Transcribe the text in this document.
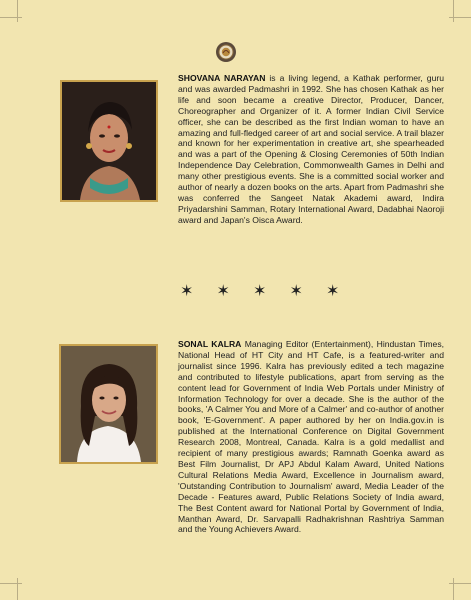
SHOVANA NARAYAN is a living legend, a Kathak performer, guru and was awarded Padmashri in 1992. She has chosen Kathak as her life and soon became a creative Director, Producer, Dancer, Choreographer and Organizer of it. A former Indian Civil Service officer, she can be described as the first Indian woman to have an amazing and full-fledged career of art and social service. A trail blazer and known for her experimentation in creative art, she spearheaded and was a part of the Opening & Closing Ceremonies of 50th Indian Independence Day Celebration, Commonwealth Games in Delhi and many other prestigious events. She is a committed social worker and author of nearly a dozen books on the arts. Apart from Padmashri she was conferred the Sangeet Natak Akademi award, Indira Priyadarshini Samman, Rotary International Award, Dadabhai Naoroji award and Japan's Oisca Award.

✶ ✶ ✶ ✶ ✶

SONAL KALRA Managing Editor (Entertainment), Hindustan Times, National Head of HT City and HT Cafe, is a featured-writer and journalist since 1996. Kalra has previously edited a tech magazine and contributed to lifestyle publications, apart from serving as the content lead for Government of India Web Portals under Ministry of Information Technology for over a decade. She is the author of the books, 'A Calmer You and More of a Calmer' and co-author of another book, 'E-Government'. A paper authored by her on India.gov.in is published at the International Conference on Digital Government Research 2008, Montreal, Canada. Kalra is a gold medallist and recipient of many prestigious awards; Ramnath Goenka award as Best Film Journalist, Dr APJ Abdul Kalam Award, United Nations Cultural Relations Media Award, Excellence in Journalism award, 'Outstanding Contribution to Journalism' award, Media Leader of the Decade - Features award, Public Relations Society of India award, The Best Content award for National Portal by Government of India, Manthan Award, Dr. Sarvapalli Radhakrishnan Rashtriya Samman and the Young Achievers Award.
